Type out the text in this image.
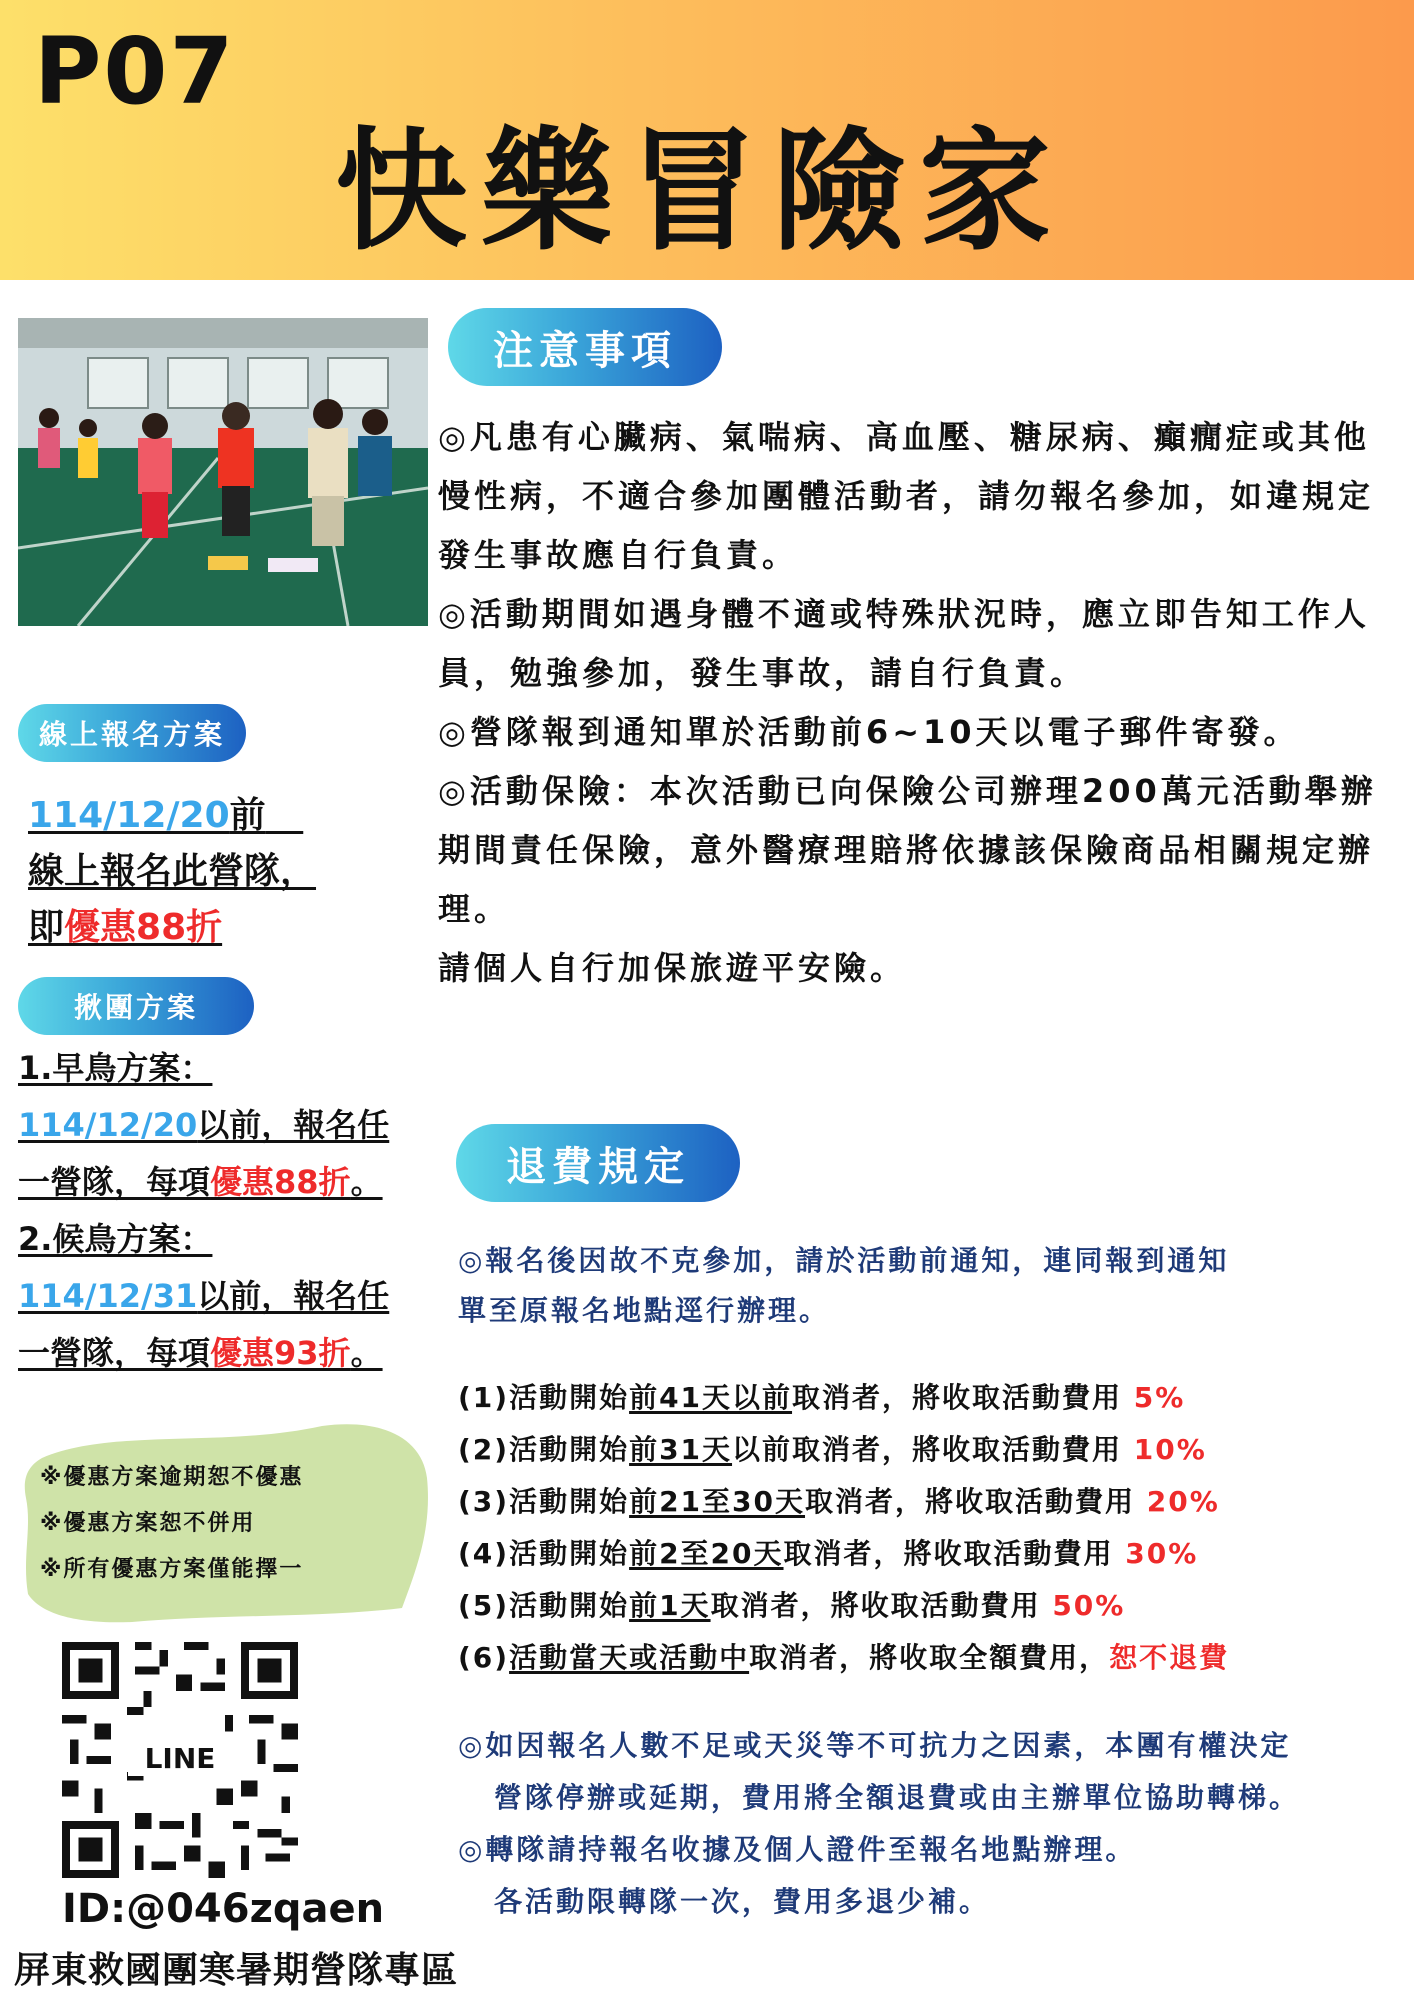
P07
快樂冒險家
注意事項

◎凡患有心臟病、氣喘病、高血壓、糖尿病、癲癇症或其他慢性病，不適合參加團體活動者，請勿報名參加，如違規定發生事故應自行負責。

◎活動期間如遇身體不適或特殊狀況時，應立即告知工作人員，勉強參加，發生事故，請自行負責。

◎營隊報到通知單於活動前6~10天以電子郵件寄發。

◎活動保險：本次活動已向保險公司辦理200萬元活動舉辦期間責任保險，意外醫療理賠將依據該保險商品相關規定辦理。

請個人自行加保旅遊平安險。

線上報名方案
114/12/20前
線上報名此營隊，
即優惠88折
揪團方案
1.早鳥方案：
114/12/20以前，報名任
一營隊，每項優惠88折。
2.候鳥方案：
114/12/31以前，報名任
一營隊，每項優惠93折。
※優惠方案逾期恕不優惠
※優惠方案恕不併用
※所有優惠方案僅能擇一
LINE
ID:@046zqaen
屏東救國團寒暑期營隊專區
退費規定
◎報名後因故不克參加，請於活動前通知，連同報到通知
單至原報名地點逕行辦理。
(1)活動開始前41天以前取消者，將收取活動費用 5%
(2)活動開始前31天以前取消者，將收取活動費用 10%
(3)活動開始前21至30天取消者，將收取活動費用 20%
(4)活動開始前2至20天取消者，將收取活動費用 30%
(5)活動開始前1天取消者，將收取活動費用 50%
(6)活動當天或活動中取消者，將收取全額費用，恕不退費
◎如因報名人數不足或天災等不可抗力之因素，本團有權決定
營隊停辦或延期，費用將全額退費或由主辦單位協助轉梯。
◎轉隊請持報名收據及個人證件至報名地點辦理。
各活動限轉隊一次，費用多退少補。
